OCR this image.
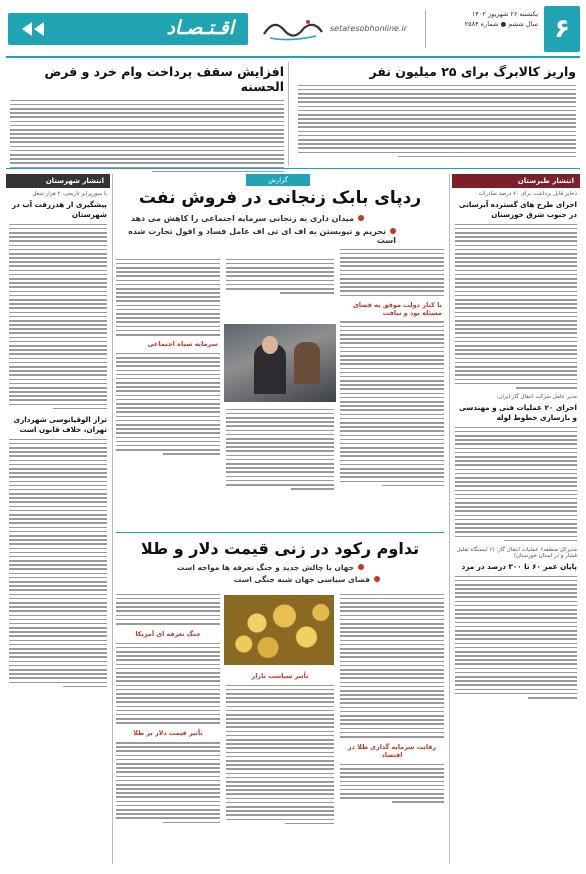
۶
یکشنبه ۲۶ شهریور ۱۴۰۲
سال ششم ● شماره ۲۵۸۴
setaresobhonline.ir
اقـتـصـاد
واریز کالابرگ برای ۲۵ میلیون نفر
افزایش سقف پرداخت وام خرد و قرض الحسنه
انتشار طبرستان
ذخایر قابل برداشت برای ۷۰ درصد صادرات
اجرای طرح های گسترده آبرسانی در جنوب شرق خوزستان
مدیر عامل شرکت انتقال گاز ایران:
اجرای ۲۰ عملیات فنی و مهندسی و بازسازی خطوط لوله
مدیرکل منطقه۶ عملیات انتقال گاز: (۶ ایستگاه تقلیل فشار و در استان خوزستان)
پایان عمر ۶۰ تا ۳۰۰ درصد در مرد
انتشار شهرستان
با سورپرایز تاریخی، ۲ هزار شغل
پیشگیری از هدررفت آب در شهرستان
تراز الوقیانوسی شهرداری تهران، خلاف قانون است
گزارش
ردپای بابک زنجانی در فروش نفت
میدان داری به زنجانی سرمایه اجتماعی را کاهش می دهد
تحریم و تیوبستن به اف ای تی اف عامل فساد و افول تجارت شده است
با کنار دولت موفق به قضای مسئله بود و نیافت
سرمایه سیاه اجتماعی
تداوم رکود در زنی قیمت دلار و طلا
جهان با چالش جدید و جنگ تعرفه ها مواجه است
فضای سیاسی جهان شبه جنگی است
رقابت سرمایه گذاری طلا در اقتصاد
تأثیر سیاست بازار
جنگ تعرفه ای آمریکا
تأثیر قیمت دلار بر طلا
